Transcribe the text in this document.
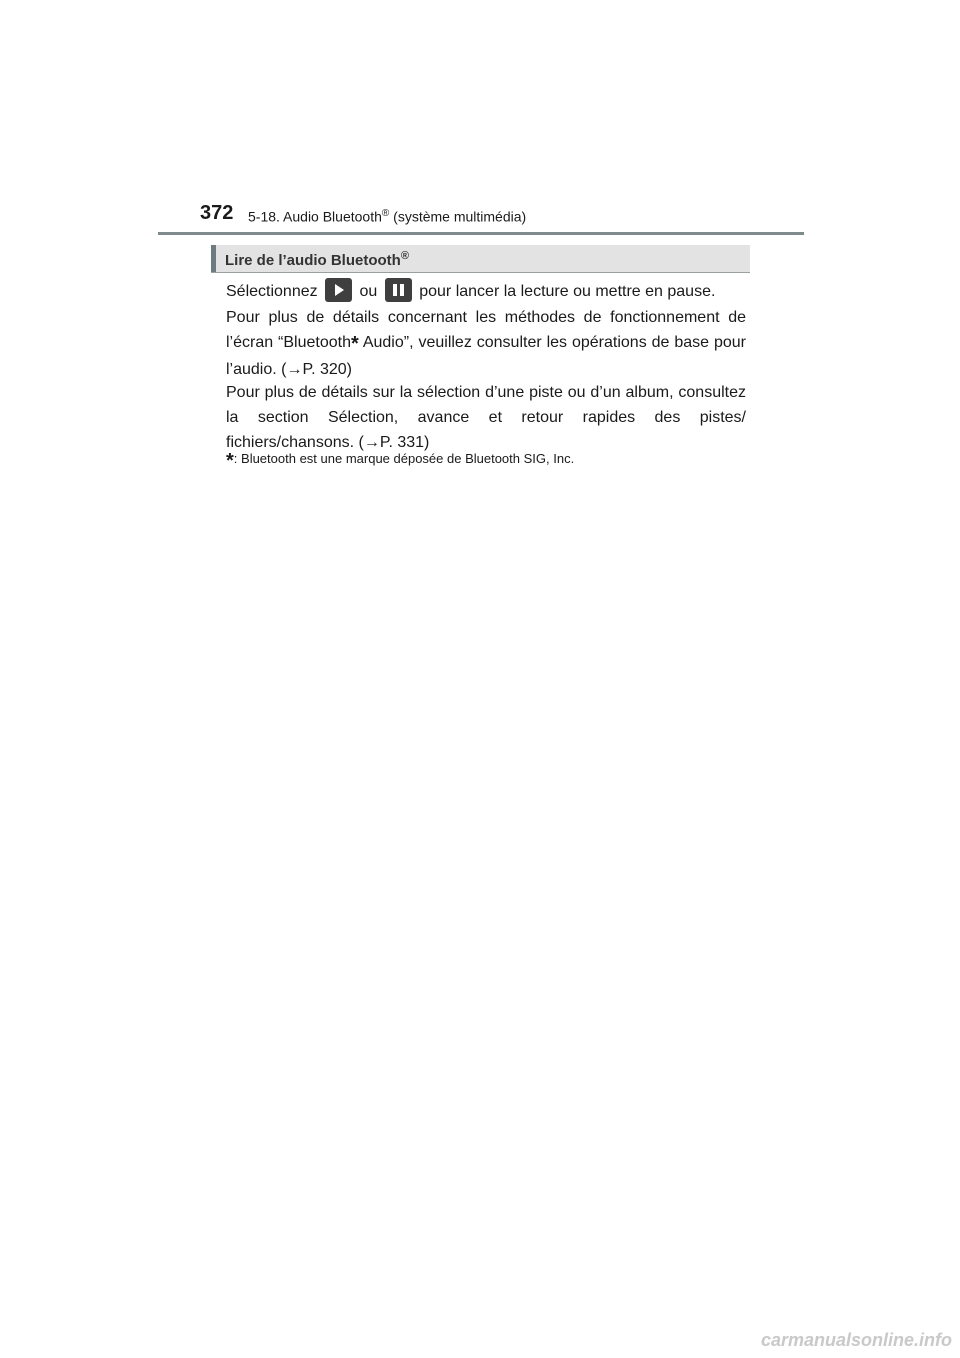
372 5-18. Audio Bluetooth® (système multimédia)
Lire de l’audio Bluetooth®
Sélectionnez	ou	pour lancer la lecture ou mettre en pause.
Pour plus de détails concernant les méthodes de fonctionnement de l’écran “Bluetooth* Audio”, veuillez consulter les opérations de base pour l’audio. (→P. 320)
Pour plus de détails sur la sélection d’une piste ou d’un album, consultez la section Sélection, avance et retour rapides des pistes/ fichiers/chansons. (→P. 331)
*: Bluetooth est une marque déposée de Bluetooth SIG, Inc.
carmanualsonline.info
